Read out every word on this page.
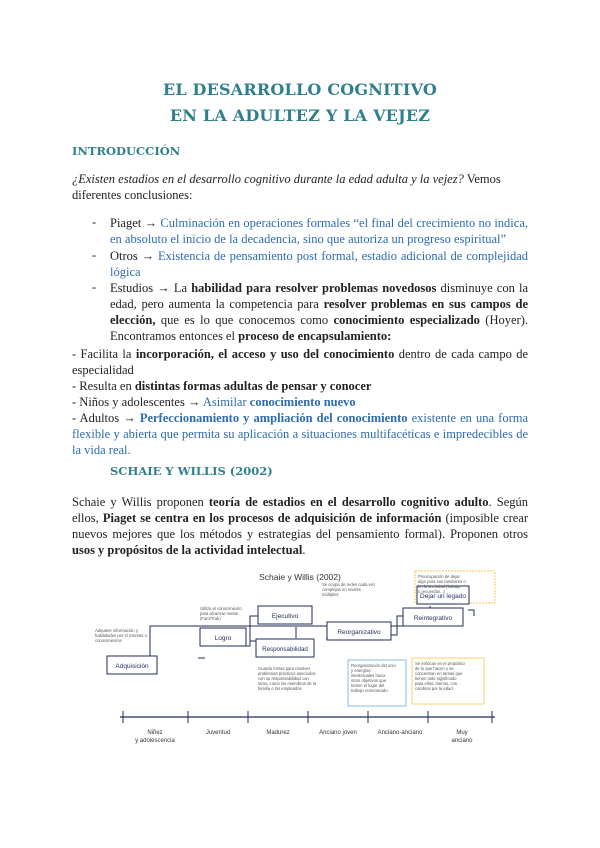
EL DESARROLLO COGNITIVO
EN LA ADULTEZ Y LA VEJEZ
INTRODUCCIÓN
¿Existen estadios en el desarrollo cognitivo durante la edad adulta y la vejez? Vemos diferentes conclusiones:
- Piaget → Culminación en operaciones formales “el final del crecimiento no indica, en absoluto el inicio de la decadencia, sino que autoriza un progreso espiritual”
- Otros → Existencia de pensamiento post formal, estadio adicional de complejidad lógica
- Estudios → La habilidad para resolver problemas novedosos disminuye con la edad, pero aumenta la competencia para resolver problemas en sus campos de elección, que es lo que conocemos como conocimiento especializado (Hoyer). Encontramos entonces el proceso de encapsulamiento:
- Facilita la incorporación, el acceso y uso del conocimiento dentro de cada campo de especialidad
- Resulta en distintas formas adultas de pensar y conocer
- Niños y adolescentes → Asimilar conocimiento nuevo
- Adultos → Perfeccionamiento y ampliación del conocimiento existente en una forma flexible y abierta que permita su aplicación a situaciones multifacéticas e impredecibles de la vida real.
SCHAIE Y WILLIS (2002)
Schaie y Willis proponen teoría de estadios en el desarrollo cognitivo adulto. Según ellos, Piaget se centra en los procesos de adquisición de información (imposible crear nuevos mejores que los métodos y estrategias del pensamiento formal). Proponen otros usos y propósitos de la actividad intelectual.
Schaie y Willis (2002)
Adquisición
Logro
Ejecutivo
Responsabilidad
Reorganizativo
Reintegrativo
Dejar un legado
Adquiere información y
habilidades por sí mismas o
conocimientos
Utiliza el conocimiento
para alcanzar metas
(Fam/Trab)
Se ocupa de redes cada vez
complejas en niveles
múltiples
Guarda metas para resolver
problemas prácticos asociados
con su responsabilidad con
otros, como los miembros de la
familia o los empleados
Reorganización del ocio
y energías
intelectuales hacia
otros objetivos que
tomen el lugar del
trabajo remunerado
Se enfocan en el propósito
de lo que hacen y se
concentran en tareas que
tienen más significado
para ellos; menos, con
cambios por la edad
Preocupación de dejar
algo para sus familiares o
en la sociedad (trabajo
o recuerdos...)
Niñez
y adolescencia
Juventud	Madurez	Anciano joven	Anciano-anciano	Muy
anciano
